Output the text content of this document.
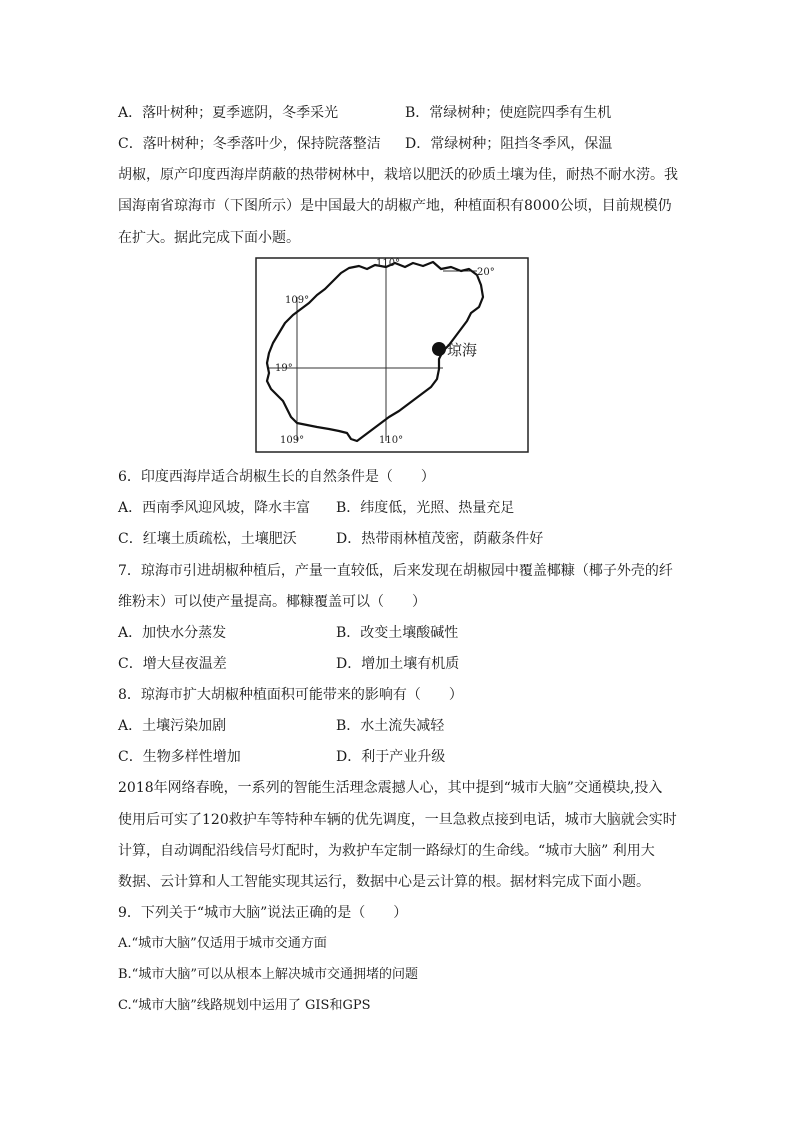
A．落叶树种；夏季遮阴，冬季采光	B．常绿树种；使庭院四季有生机
C．落叶树种；冬季落叶少，保持院落整洁 D．常绿树种；阻挡冬季风，保温
胡椒，原产印度西海岸荫蔽的热带树林中，栽培以肥沃的砂质土壤为佳，耐热不耐水涝。我
国海南省琼海市（下图所示）是中国最大的胡椒产地，种植面积有8000公顷，目前规模仍
在扩大。据此完成下面小题。
110°
109°
20°
19°
109°	110°
琼海
6．印度西海岸适合胡椒生长的自然条件是（　　）
A．西南季风迎风坡，降水丰富 B．纬度低，光照、热量充足
C．红壤土质疏松，土壤肥沃	D．热带雨林植茂密，荫蔽条件好
7．琼海市引进胡椒种植后，产量一直较低，后来发现在胡椒园中覆盖椰糠（椰子外壳的纤
维粉末）可以使产量提高。椰糠覆盖可以（　　）
A．加快水分蒸发	B．改变土壤酸碱性
C．增大昼夜温差	D．增加土壤有机质
8．琼海市扩大胡椒种植面积可能带来的影响有（　　）
A．土壤污染加剧	B．水土流失减轻
C．生物多样性增加	D．利于产业升级
2018年网络春晚，一系列的智能生活理念震撼人心，其中提到“城市大脑”交通模块,投入
使用后可实了120救护车等特种车辆的优先调度，一旦急救点接到电话，城市大脑就会实时
计算，自动调配沿线信号灯配时，为救护车定制一路绿灯的生命线。“城市大脑” 利用大
数据、云计算和人工智能实现其运行，数据中心是云计算的根。据材料完成下面小题。
9．下列关于“城市大脑”说法正确的是（　　）
A.“城市大脑”仅适用于城市交通方面
B.“城市大脑”可以从根本上解决城市交通拥堵的问题
C.“城市大脑”线路规划中运用了 GIS和GPS
